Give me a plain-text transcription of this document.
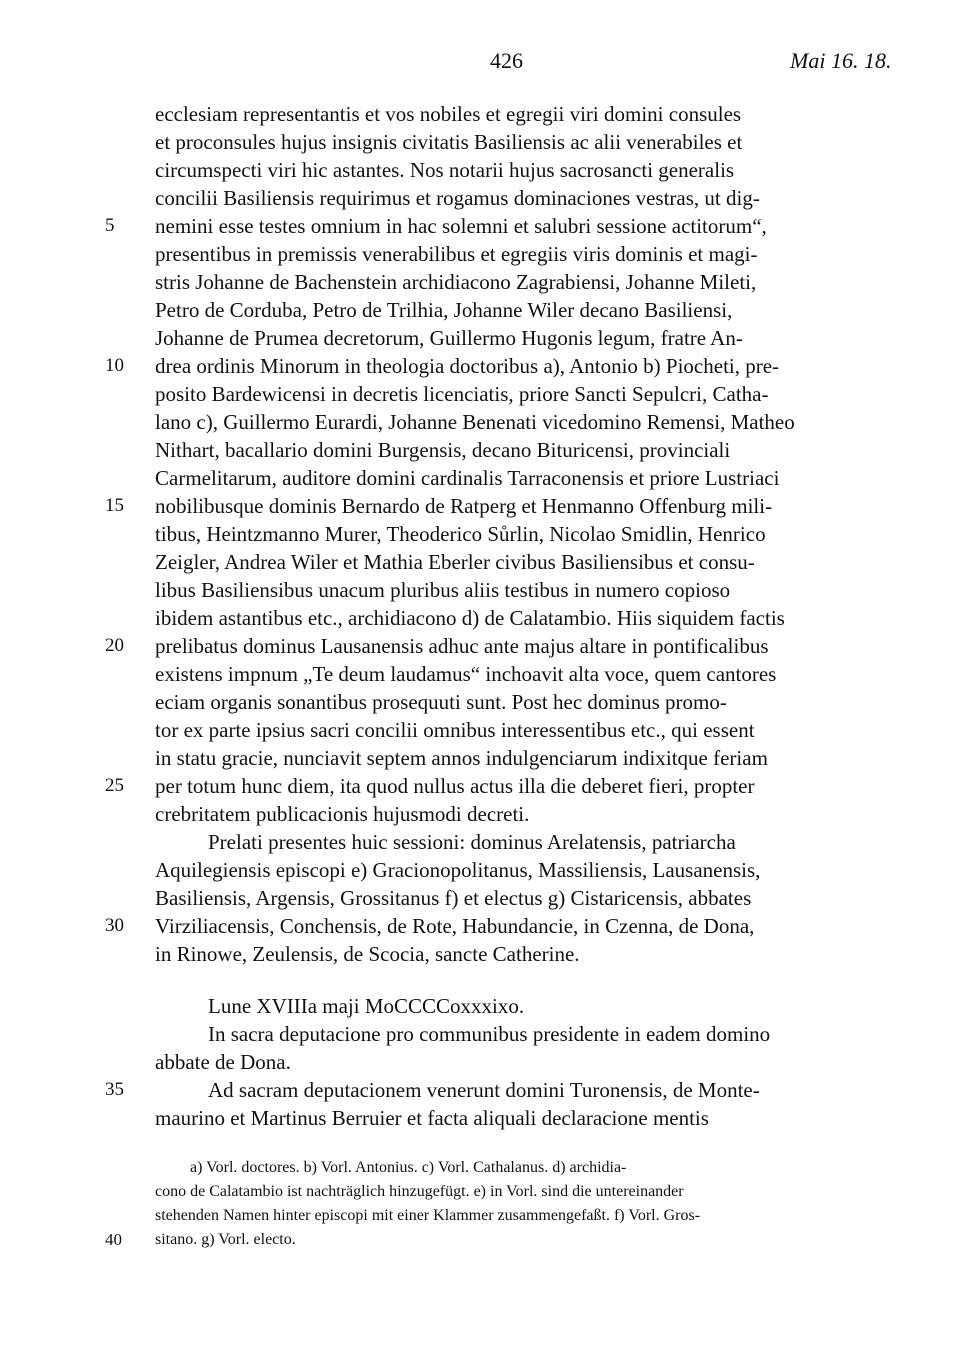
426	Mai 16. 18.
ecclesiam representantis et vos nobiles et egregii viri domini consules
et proconsules hujus insignis civitatis Basiliensis ac alii venerabiles et
circumspecti viri hic astantes. Nos notarii hujus sacrosancti generalis
concilii Basiliensis requirimus et rogamus dominaciones vestras, ut dig-
nemini esse testes omnium in hac solemni et salubri sessione actitorum“,
presentibus in premissis venerabilibus et egregiis viris dominis et magi-
stris Johanne de Bachenstein archidiacono Zagrabiensi, Johanne Mileti,
Petro de Corduba, Petro de Trilhia, Johanne Wiler decano Basiliensi,
Johanne de Prumea decretorum, Guillermo Hugonis legum, fratre An-
drea ordinis Minorum in theologia doctoribus a), Antonio b) Piocheti, pre-
posito Bardewicensi in decretis licenciatis, priore Sancti Sepulcri, Catha-
lano c), Guillermo Eurardi, Johanne Benenati vicedomino Remensi, Matheo
Nithart, bacallario domini Burgensis, decano Bituricensi, provinciali
Carmelitarum, auditore domini cardinalis Tarraconensis et priore Lustriaci
nobilibusque dominis Bernardo de Ratperg et Henmanno Offenburg mili-
tibus, Heintzmanno Murer, Theoderico Sůrlin, Nicolao Smidlin, Henrico
Zeigler, Andrea Wiler et Mathia Eberler civibus Basiliensibus et consu-
libus Basiliensibus unacum pluribus aliis testibus in numero copioso
ibidem astantibus etc., archidiacono d) de Calatambio. Hiis siquidem factis
prelibatus dominus Lausanensis adhuc ante majus altare in pontificalibus
existens impnum „Te deum laudamus“ inchoavit alta voce, quem cantores
eciam organis sonantibus prosequuti sunt. Post hec dominus promo-
tor ex parte ipsius sacri concilii omnibus interessentibus etc., qui essent
in statu gracie, nunciavit septem annos indulgenciarum indixitque feriam
per totum hunc diem, ita quod nullus actus illa die deberet fieri, propter
crebritatem publicacionis hujusmodi decreti.
Prelati presentes huic sessioni: dominus Arelatensis, patriarcha
Aquilegiensis episcopi e) Gracionopolitanus, Massiliensis, Lausanensis,
Basiliensis, Argensis, Grossitanus f) et electus g) Cistaricensis, abbates
Virziliacensis, Conchensis, de Rote, Habundancie, in Czenna, de Dona,
in Rinowe, Zeulensis, de Scocia, sancte Catherine.
Lune XVIIIa maji MoCCCCoxxxixo.
In sacra deputacione pro communibus presidente in eadem domino
abbate de Dona.
Ad sacram deputacionem venerunt domini Turonensis, de Monte-
maurino et Martinus Berruier et facta aliquali declaracione mentis
5
10
15
20
25
30
35
a) Vorl. doctores. b) Vorl. Antonius. c) Vorl. Cathalanus. d) archidia-
cono de Calatambio ist nachträglich hinzugefügt. e) in Vorl. sind die untereinander
stehenden Namen hinter episcopi mit einer Klammer zusammengefaßt. f) Vorl. Gros-
sitano. g) Vorl. electo.
40
